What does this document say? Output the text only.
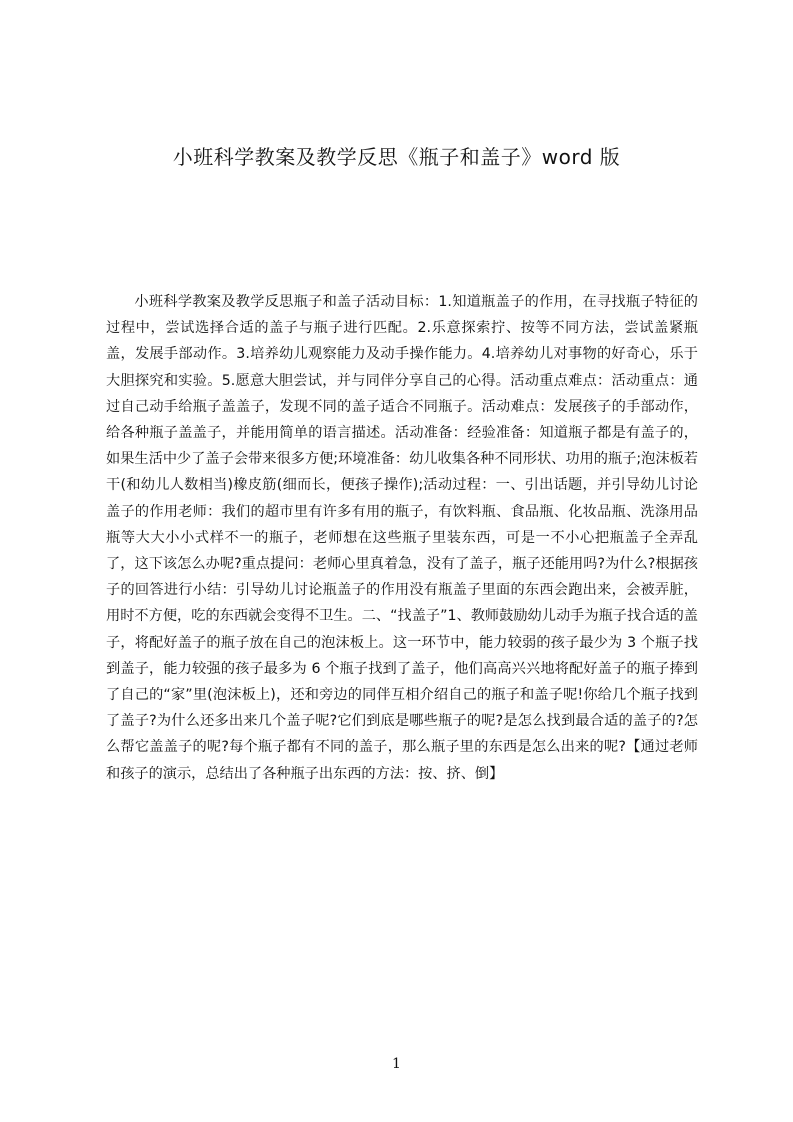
小班科学教案及教学反思《瓶子和盖子》word 版

小班科学教案及教学反思瓶子和盖子活动目标：1.知道瓶盖子的作用，在寻找瓶子特征的过程中，尝试选择合适的盖子与瓶子进行匹配。2.乐意探索拧、按等不同方法，尝试盖紧瓶盖，发展手部动作。3.培养幼儿观察能力及动手操作能力。4.培养幼儿对事物的好奇心，乐于大胆探究和实验。5.愿意大胆尝试，并与同伴分享自己的心得。活动重点难点：活动重点：通过自己动手给瓶子盖盖子，发现不同的盖子适合不同瓶子。活动难点：发展孩子的手部动作，给各种瓶子盖盖子，并能用简单的语言描述。活动准备：经验准备：知道瓶子都是有盖子的，如果生活中少了盖子会带来很多方便;环境准备：幼儿收集各种不同形状、功用的瓶子;泡沫板若干(和幼儿人数相当)橡皮筋(细而长，便孩子操作);活动过程：一、引出话题，并引导幼儿讨论盖子的作用老师：我们的超市里有许多有用的瓶子，有饮料瓶、食品瓶、化妆品瓶、洗涤用品瓶等大大小小式样不一的瓶子，老师想在这些瓶子里装东西，可是一不小心把瓶盖子全弄乱了，这下该怎么办呢?重点提问：老师心里真着急，没有了盖子，瓶子还能用吗?为什么?根据孩子的回答进行小结：引导幼儿讨论瓶盖子的作用没有瓶盖子里面的东西会跑出来，会被弄脏，用时不方便，吃的东西就会变得不卫生。二、“找盖子”1、教师鼓励幼儿动手为瓶子找合适的盖子，将配好盖子的瓶子放在自己的泡沫板上。这一环节中，能力较弱的孩子最少为 3 个瓶子找到盖子，能力较强的孩子最多为 6 个瓶子找到了盖子，他们高高兴兴地将配好盖子的瓶子捧到了自己的“家”里(泡沫板上)，还和旁边的同伴互相介绍自己的瓶子和盖子呢!你给几个瓶子找到了盖子?为什么还多出来几个盖子呢?它们到底是哪些瓶子的呢?是怎么找到最合适的盖子的?怎么帮它盖盖子的呢?每个瓶子都有不同的盖子，那么瓶子里的东西是怎么出来的呢?【通过老师和孩子的演示，总结出了各种瓶子出东西的方法：按、挤、倒】

1
